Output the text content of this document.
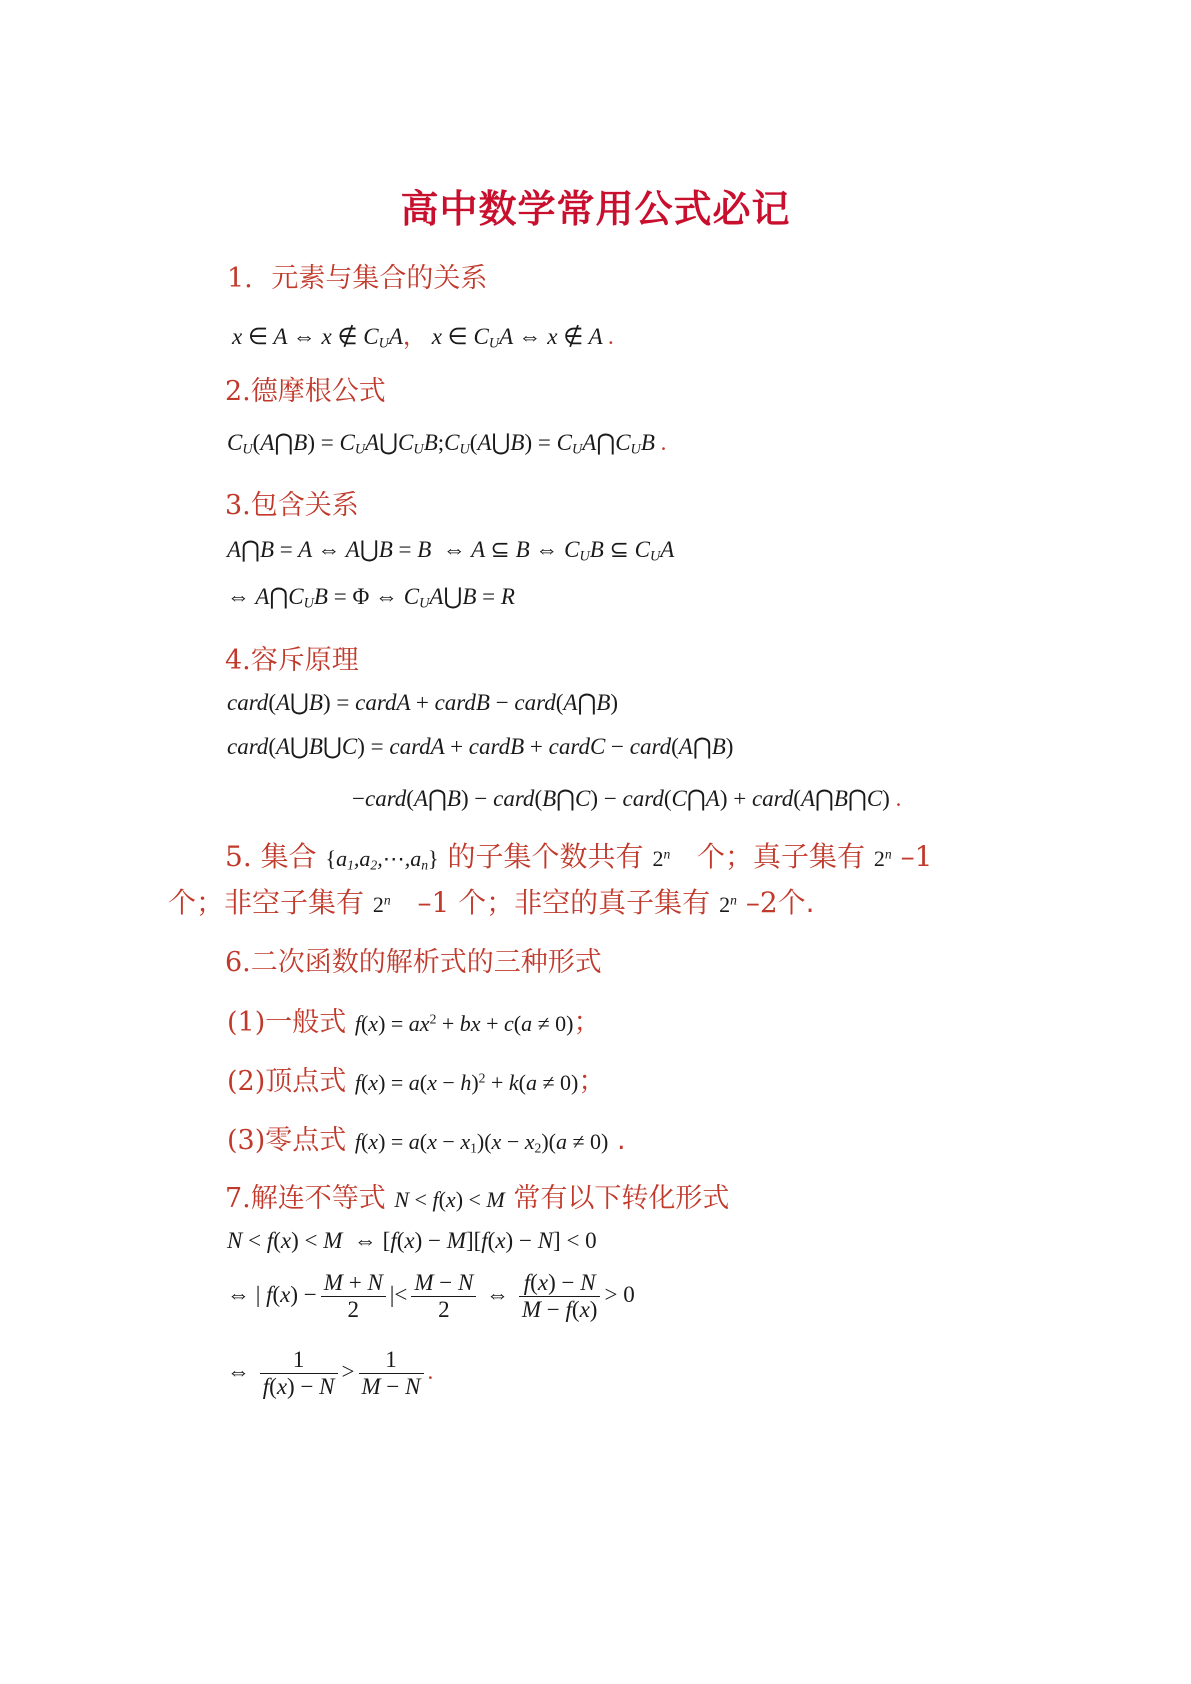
高中数学常用公式必记
1. 元素与集合的关系
x ∈ A ⇔ x ∉ $C_UA$， x ∈ $C_UA$ ⇔ x ∉ A .
2.德摩根公式
$C_U(A⋂B)$ = $C_UA⋃C_UB;C_U(A⋃B)$ = $C_UA⋂C_UB$ .
3.包含关系
A⋂B = A ⇔ A⋃B = B  ⇔ A ⊆ B ⇔ $C_UB$ ⊆ $C_UA$
⇔ $A⋂C_UB = \Phi$ ⇔ $C_UA⋃B = R$
4.容斥原理
card(A⋃B) = cardA + cardB − card(A⋂B)
card(A⋃B⋃C) = cardA + cardB + cardC − card(A⋂B)
−card(A⋂B) − card(B⋂C) − card(C⋂A) + card(A⋂B⋂C) .
5. 集合 $\{a_1,a_2,\cdots,a_n\}$ 的子集个数共有 2$^n$ 个；真子集有 2$^n$ –1
个；非空子集有 2$^n$ –1 个；非空的真子集有 2$^n$ –2个.
6.二次函数的解析式的三种形式
(1)一般式 $f(x) = ax^2$ + bx + c(a ≠ 0)；
(2)顶点式 $f(x) = a(x - h)^2 + k(a \ne 0)$；
(3)零点式 $f(x) = a(x - x_1)(x - x_2)(a \ne 0)$ .
7.解连不等式 N < f(x) < M 常有以下转化形式
N < f(x) < M  ⇔ [f(x) − M][f(x) − N] < 0
⇔ | $f(x) - \frac{M + N}{2}$ |< $\frac{M - N}{2}$ ⇔ $\frac{f(x) - N}{M - f(x)} > 0$
⇔ $\frac{1}{f(x) - N} > \frac{1}{M - N}$ .
